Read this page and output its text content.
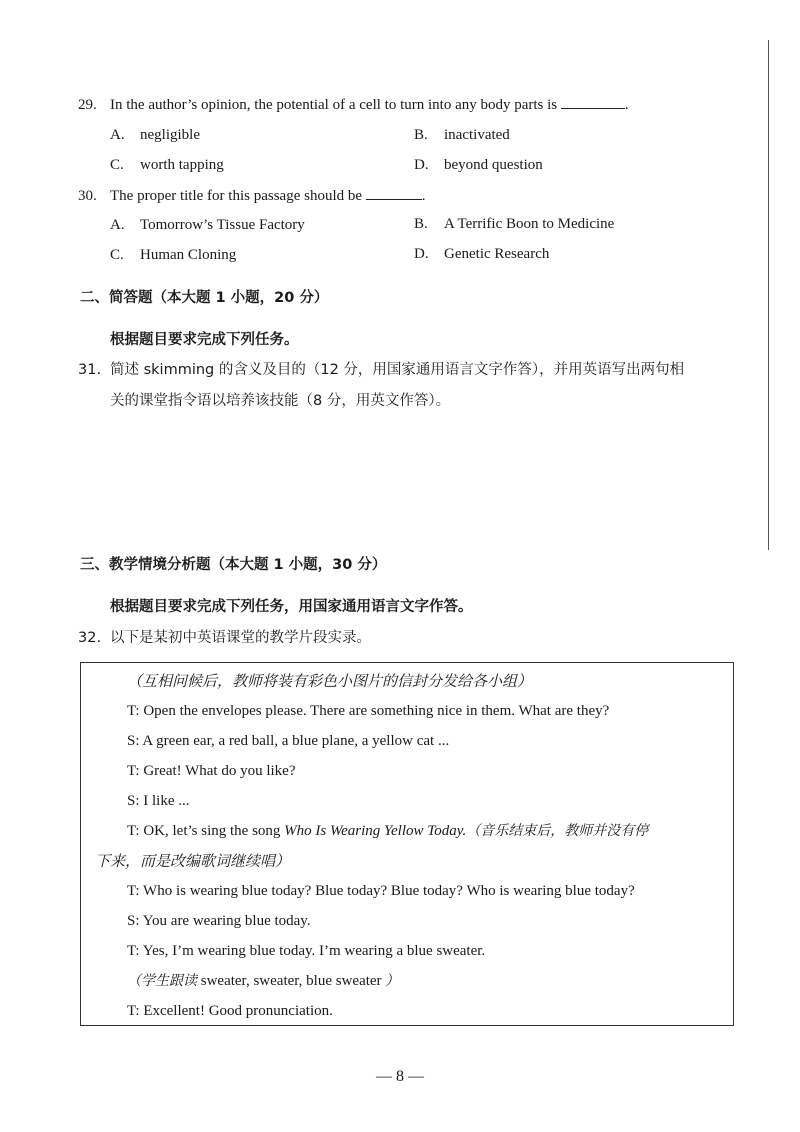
29. In the author’s opinion, the potential of a cell to turn into any body parts is	.
A. negligible	B. inactivated
C. worth tapping	D. beyond question
30. The proper title for this passage should be	.
A. Tomorrow’s Tissue Factory	B. A Terrific Boon to Medicine
C. Human Cloning	D. Genetic Research
二、简答题（本大题 1 小题，20 分）
根据题目要求完成下列任务。
31. 简述 skimming 的含义及目的（12 分，用国家通用语言文字作答），并用英语写出两句相
关的课堂指令语以培养该技能（8 分，用英文作答）。
三、教学情境分析题（本大题 1 小题，30 分）
根据题目要求完成下列任务，用国家通用语言文字作答。
32. 以下是某初中英语课堂的教学片段实录。
（互相问候后，教师将装有彩色小图片的信封分发给各小组）
T: Open the envelopes please. There are something nice in them. What are they?
S: A green ear, a red ball, a blue plane, a yellow cat ...
T: Great! What do you like?
S: I like ...
T: OK, let’s sing the song Who Is Wearing Yellow Today.（音乐结束后，教师并没有停
下来，而是改编歌词继续唱）
T: Who is wearing blue today? Blue today? Blue today? Who is wearing blue today?
S: You are wearing blue today.
T: Yes, I’m wearing blue today. I’m wearing a blue sweater.
（学生跟读 sweater, sweater, blue sweater ）
T: Excellent! Good pronunciation.
— 8 —
